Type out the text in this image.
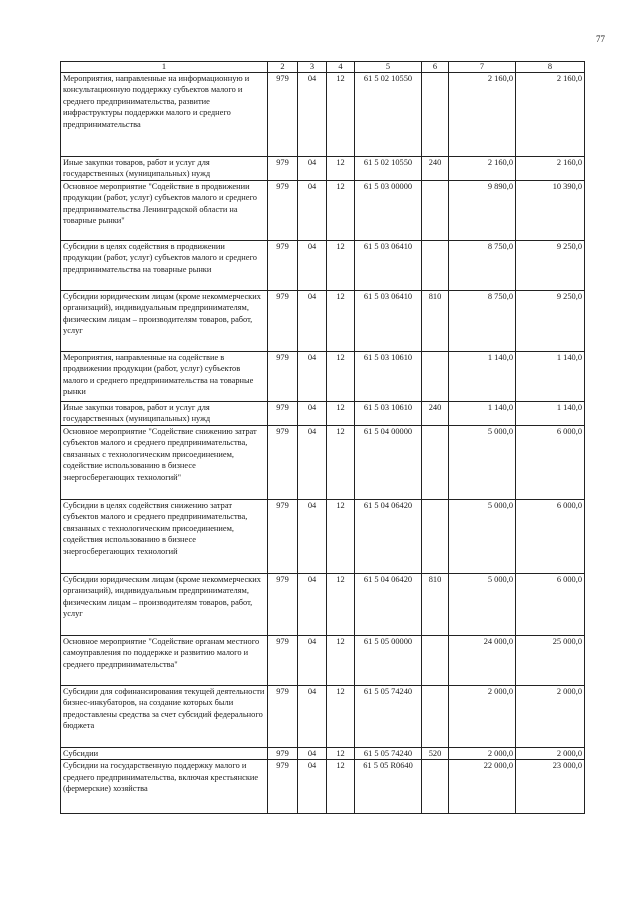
77
1	2	3	4	5	6	7	8
Мероприятия, направленные на информационную и консультационную поддержку субъектов малого и среднего предпринимательства, развитие инфраструктуры поддержки малого и среднего предпринимательства	979	04	12	61 5 02 10550		2 160,0	2 160,0
Иные закупки товаров, работ и услуг для государственных (муниципальных) нужд	979	04	12	61 5 02 10550	240	2 160,0	2 160,0
Основное мероприятие "Содействие в продвижении продукции (работ, услуг) субъектов малого и среднего предпринимательства Ленинградской области на товарные рынки"	979	04	12	61 5 03 00000		9 890,0	10 390,0
Субсидии в целях содействия в продвижении продукции (работ, услуг) субъектов малого и среднего предпринимательства на товарные рынки	979	04	12	61 5 03 06410		8 750,0	9 250,0
Субсидии юридическим лицам (кроме некоммерческих организаций), индивидуальным предпринимателям, физическим лицам – производителям товаров, работ, услуг	979	04	12	61 5 03 06410	810	8 750,0	9 250,0
Мероприятия, направленные на содействие в продвижении продукции (работ, услуг) субъектов малого и среднего предпринимательства на товарные рынки	979	04	12	61 5 03 10610		1 140,0	1 140,0
Иные закупки товаров, работ и услуг для государственных (муниципальных) нужд	979	04	12	61 5 03 10610	240	1 140,0	1 140,0
Основное мероприятие "Содействие снижению затрат субъектов малого и среднего предпринимательства, связанных с технологическим присоединением, содействие использованию в бизнесе энергосберегающих технологий"	979	04	12	61 5 04 00000		5 000,0	6 000,0
Субсидии в целях содействия снижению затрат субъектов малого и среднего предпринимательства, связанных с технологическим присоединением, содействия использованию в бизнесе энергосберегающих технологий	979	04	12	61 5 04 06420		5 000,0	6 000,0
Субсидии юридическим лицам (кроме некоммерческих организаций), индивидуальным предпринимателям, физическим лицам – производителям товаров, работ, услуг	979	04	12	61 5 04 06420	810	5 000,0	6 000,0
Основное мероприятие "Содействие органам местного самоуправления по поддержке и развитию малого и среднего предпринимательства"	979	04	12	61 5 05 00000		24 000,0	25 000,0
Субсидии для софинансирования текущей деятельности бизнес-инкубаторов, на создание которых были предоставлены средства за счет субсидий федерального бюджета	979	04	12	61 5 05 74240		2 000,0	2 000,0
Субсидии	979	04	12	61 5 05 74240	520	2 000,0	2 000,0
Субсидии на государственную поддержку малого и среднего предпринимательства, включая крестьянские (фермерские) хозяйства	979	04	12	61 5 05 R0640		22 000,0	23 000,0
